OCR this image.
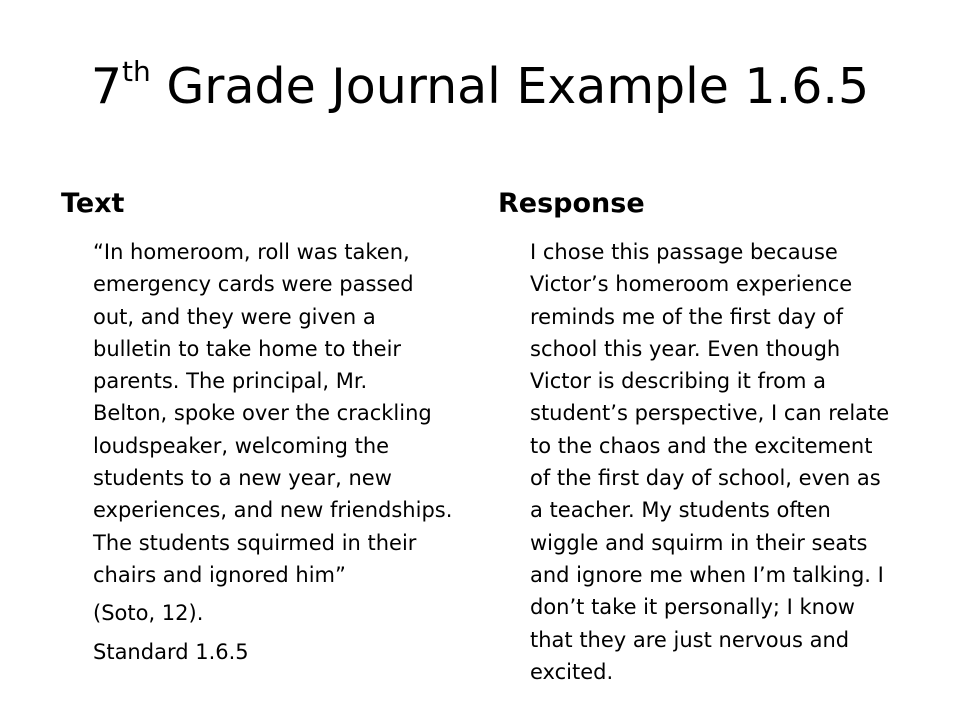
7th Grade Journal Example 1.6.5
Text	Response

“In homeroom, roll was taken,

emergency cards were passed

out, and they were given a

bulletin to take home to their

parents. The principal, Mr.

Belton, spoke over the crackling

loudspeaker, welcoming the

students to a new year, new

experiences, and new friendships.

The students squirmed in their

chairs and ignored him”

(Soto, 12).

Standard 1.6.5

I chose this passage because

Victor’s homeroom experience

reminds me of the first day of

school this year. Even though

Victor is describing it from a

student’s perspective, I can relate

to the chaos and the excitement

of the first day of school, even as

a teacher. My students often

wiggle and squirm in their seats

and ignore me when I’m talking. I

don’t take it personally; I know

that they are just nervous and

excited.
